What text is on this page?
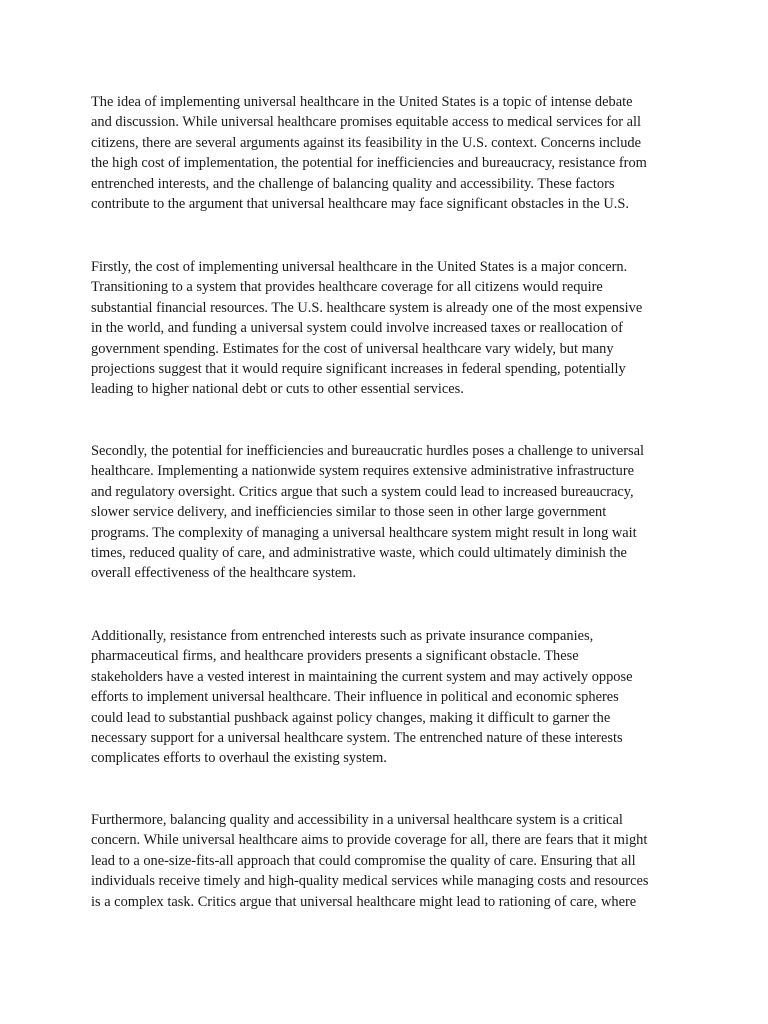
The idea of implementing universal healthcare in the United States is a topic of intense debate
and discussion. While universal healthcare promises equitable access to medical services for all
citizens, there are several arguments against its feasibility in the U.S. context. Concerns include
the high cost of implementation, the potential for inefficiencies and bureaucracy, resistance from
entrenched interests, and the challenge of balancing quality and accessibility. These factors
contribute to the argument that universal healthcare may face significant obstacles in the U.S.

Firstly, the cost of implementing universal healthcare in the United States is a major concern.
Transitioning to a system that provides healthcare coverage for all citizens would require
substantial financial resources. The U.S. healthcare system is already one of the most expensive
in the world, and funding a universal system could involve increased taxes or reallocation of
government spending. Estimates for the cost of universal healthcare vary widely, but many
projections suggest that it would require significant increases in federal spending, potentially
leading to higher national debt or cuts to other essential services.

Secondly, the potential for inefficiencies and bureaucratic hurdles poses a challenge to universal
healthcare. Implementing a nationwide system requires extensive administrative infrastructure
and regulatory oversight. Critics argue that such a system could lead to increased bureaucracy,
slower service delivery, and inefficiencies similar to those seen in other large government
programs. The complexity of managing a universal healthcare system might result in long wait
times, reduced quality of care, and administrative waste, which could ultimately diminish the
overall effectiveness of the healthcare system.

Additionally, resistance from entrenched interests such as private insurance companies,
pharmaceutical firms, and healthcare providers presents a significant obstacle. These
stakeholders have a vested interest in maintaining the current system and may actively oppose
efforts to implement universal healthcare. Their influence in political and economic spheres
could lead to substantial pushback against policy changes, making it difficult to garner the
necessary support for a universal healthcare system. The entrenched nature of these interests
complicates efforts to overhaul the existing system.

Furthermore, balancing quality and accessibility in a universal healthcare system is a critical
concern. While universal healthcare aims to provide coverage for all, there are fears that it might
lead to a one-size-fits-all approach that could compromise the quality of care. Ensuring that all
individuals receive timely and high-quality medical services while managing costs and resources
is a complex task. Critics argue that universal healthcare might lead to rationing of care, where
